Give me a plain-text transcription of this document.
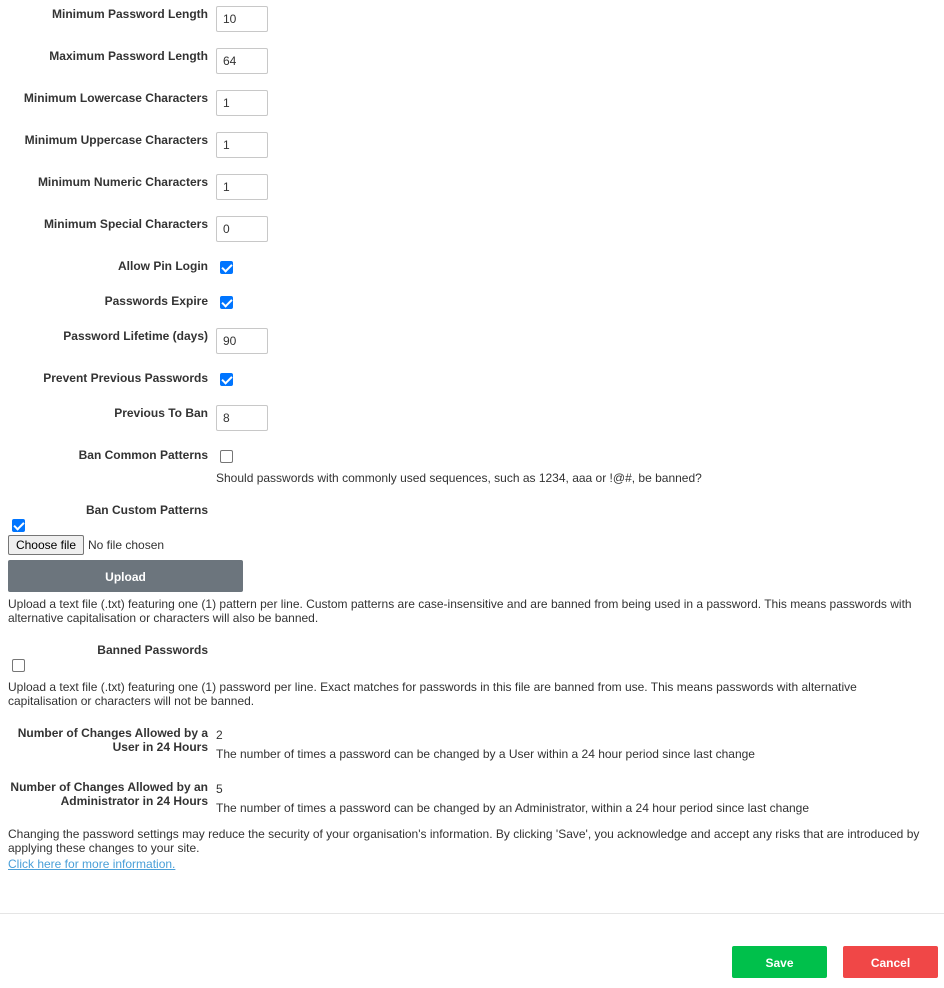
Minimum Password Length
10
Maximum Password Length
64
Minimum Lowercase Characters
1
Minimum Uppercase Characters
1
Minimum Numeric Characters
1
Minimum Special Characters
0
Allow Pin Login
Passwords Expire
Password Lifetime (days)
90
Prevent Previous Passwords
Previous To Ban
8
Ban Common Patterns
Should passwords with commonly used sequences, such as 1234, aaa or !@#, be banned?
Ban Custom Patterns
Choose file No file chosen
Upload
Upload a text file (.txt) featuring one (1) pattern per line. Custom patterns are case-insensitive and are banned from being used in a password. This means passwords with alternative capitalisation or characters will also be banned.
Banned Passwords
Upload a text file (.txt) featuring one (1) password per line. Exact matches for passwords in this file are banned from use. This means passwords with alternative capitalisation or characters will not be banned.
Number of Changes Allowed by a User in 24 Hours
2
The number of times a password can be changed by a User within a 24 hour period since last change
Number of Changes Allowed by an Administrator in 24 Hours
5
The number of times a password can be changed by an Administrator, within a 24 hour period since last change
Changing the password settings may reduce the security of your organisation's information. By clicking 'Save', you acknowledge and accept any risks that are introduced by applying these changes to your site.
Click here for more information.
Save	Cancel
